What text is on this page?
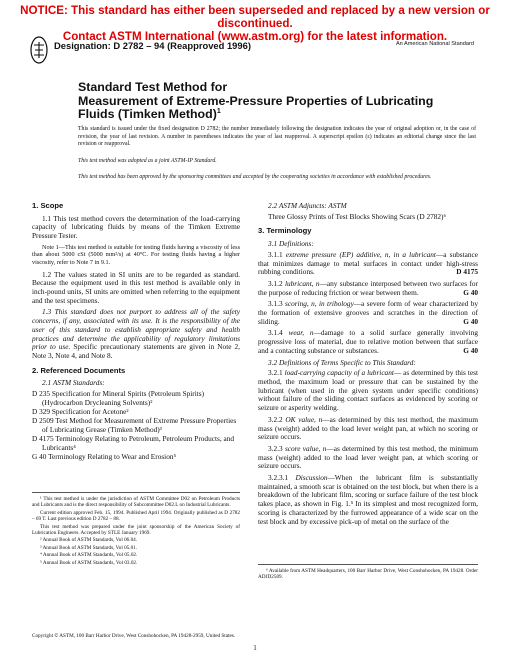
NOTICE: This standard has either been superseded and replaced by a new version or discontinued.
Contact ASTM International (www.astm.org) for the latest information.
Designation: D 2782 – 94 (Reapproved 1996)	An American National Standard
Standard Test Method for
Measurement of Extreme-Pressure Properties of Lubricating
Fluids (Timken Method)$^1$
This standard is issued under the fixed designation D 2782; the number immediately following the designation indicates the year of original adoption or, in the case of revision, the year of last revision. A number in parentheses indicates the year of last reapproval. A superscript epsilon (ε) indicates an editorial change since the last revision or reapproval.
This test method was adopted as a joint ASTM-IP Standard.
This test method has been approved by the sponsoring committees and accepted by the cooperating societies in accordance with established procedures.
1. Scope

1.1 This test method covers the determination of the load-carrying capacity of lubricating fluids by means of the Timken Extreme Pressure Tester.

Note 1—This test method is suitable for testing fluids having a viscosity of less than about 5000 cSt (5000 mm²/s) at 40°C. For testing fluids having a higher viscosity, refer to Note 7 in 9.1.

1.2 The values stated in SI units are to be regarded as standard. Because the equipment used in this test method is available only in inch-pound units, SI units are omitted when referring to the equipment and the test specimens.

1.3 This standard does not purport to address all of the safety concerns, if any, associated with its use. It is the responsibility of the user of this standard to establish appropriate safety and health practices and determine the applicability of regulatory limitations prior to use. Specific precautionary statements are given in Note 2, Note 3, Note 4, and Note 8.

2. Referenced Documents

2.1 ASTM Standards:

D 235 Specification for Mineral Spirits (Petroleum Spirits) (Hydrocarbon Drycleaning Solvents)²

D 329 Specification for Acetone²

D 2509 Test Method for Measurement of Extreme Pressure Properties of Lubricating Grease (Timken Method)³

D 4175 Terminology Relating to Petroleum, Petroleum Products, and Lubricants⁴

G 40 Terminology Relating to Wear and Erosion⁵

¹ This test method is under the jurisdiction of ASTM Committee D02 on Petroleum Products and Lubricants and is the direct responsibility of Subcommittee D02.L on Industrial Lubricants.

Current edition approved Feb. 15, 1994. Published April 1994. Originally published as D 2782 – 69 T. Last previous edition D 2782 – 88.

This test method was prepared under the joint sponsorship of the American Society of Lubrication Engineers. Accepted by STLE January 1969.

² Annual Book of ASTM Standards, Vol 06.04.

³ Annual Book of ASTM Standards, Vol 05.01.

⁴ Annual Book of ASTM Standards, Vol 05.02.

⁵ Annual Book of ASTM Standards, Vol 03.02.

2.2 ASTM Adjuncts: ASTM

Three Glossy Prints of Test Blocks Showing Scars (D 2782)⁶

3. Terminology

3.1 Definitions:

3.1.1 extreme pressure (EP) additive, n, in a lubricant—a substance that minimizes damage to metal surfaces in contact under high-stress rubbing conditions.	D 4175

3.1.2 lubricant, n—any substance interposed between two surfaces for the purpose of reducing friction or wear between them.	G 40

3.1.3 scoring, n, in tribology—a severe form of wear characterized by the formation of extensive grooves and scratches in the direction of sliding.	G 40

3.1.4 wear, n—damage to a solid surface generally involving progressive loss of material, due to relative motion between that surface and a contacting substance or substances.	G 40

3.2 Definitions of Terms Specific to This Standard:

3.2.1 load-carrying capacity of a lubricant— as determined by this test method, the maximum load or pressure that can be sustained by the lubricant (when used in the given system under specific conditions) without failure of the sliding contact surfaces as evidenced by scoring or seizure or asperity welding.

3.2.2 OK value, n—as determined by this test method, the maximum mass (weight) added to the load lever weight pan, at which no scoring or seizure occurs.

3.2.3 score value, n—as determined by this test method, the minimum mass (weight) added to the load lever weight pan, at which scoring or seizure occurs.

3.2.3.1 Discussion—When the lubricant film is substantially maintained, a smooth scar is obtained on the test block, but when there is a breakdown of the lubricant film, scoring or surface failure of the test block takes place, as shown in Fig. 1.⁵ In its simplest and most recognized form, scoring is characterized by the furrowed appearance of a wide scar on the test block and by excessive pick-up of metal on the surface of the

⁶ Available from ASTM Headquarters, 100 Barr Harbor Drive, West Conshohocken, PA 19428. Order ADJD2509.

Copyright © ASTM, 100 Barr Harbor Drive, West Conshohocken, PA 19428-2959, United States.
1
